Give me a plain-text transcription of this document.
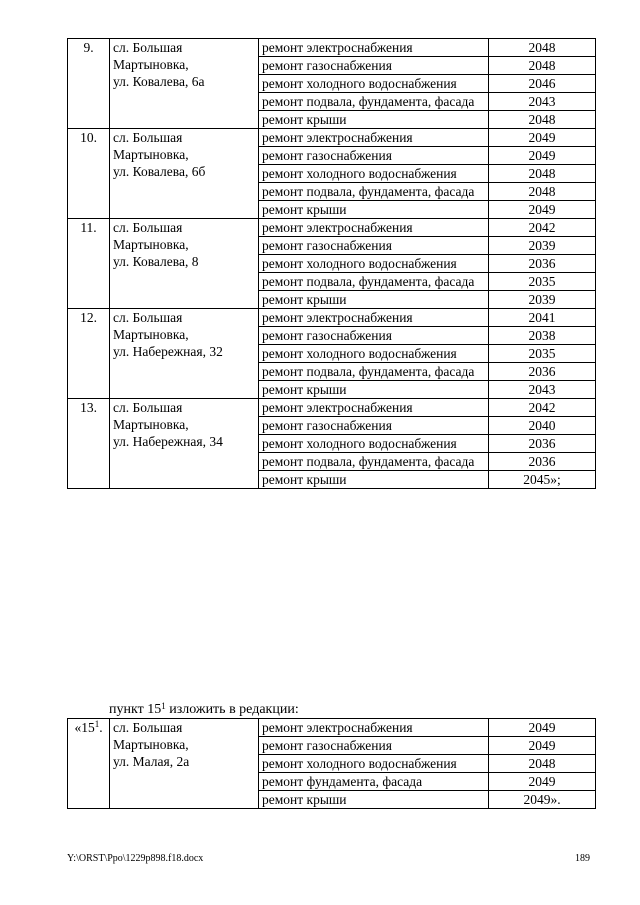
9.	сл. Большая
Мартыновка,
ул. Ковалева, 6а	ремонт электроснабжения	2048
		ремонт газоснабжения	2048
		ремонт холодного водоснабжения	2046
		ремонт подвала, фундамента, фасада	2043
		ремонт крыши	2048
10.	сл. Большая
Мартыновка,
ул. Ковалева, 6б	ремонт электроснабжения	2049
		ремонт газоснабжения	2049
		ремонт холодного водоснабжения	2048
		ремонт подвала, фундамента, фасада	2048
		ремонт крыши	2049
11.	сл. Большая
Мартыновка,
ул. Ковалева, 8	ремонт электроснабжения	2042
		ремонт газоснабжения	2039
		ремонт холодного водоснабжения	2036
		ремонт подвала, фундамента, фасада	2035
		ремонт крыши	2039
12.	сл. Большая
Мартыновка,
ул. Набережная, 32	ремонт электроснабжения	2041
		ремонт газоснабжения	2038
		ремонт холодного водоснабжения	2035
		ремонт подвала, фундамента, фасада	2036
		ремонт крыши	2043
13.	сл. Большая
Мартыновка,
ул. Набережная, 34	ремонт электроснабжения	2042
		ремонт газоснабжения	2040
		ремонт холодного водоснабжения	2036
		ремонт подвала, фундамента, фасада	2036
		ремонт крыши	2045»;
пункт $15^1$ изложить в редакции:
«$15^1$.	сл. Большая
Мартыновка,
ул. Малая, 2а	ремонт электроснабжения	2049
		ремонт газоснабжения	2049
		ремонт холодного водоснабжения	2048
		ремонт фундамента, фасада	2049
		ремонт крыши	2049».
Y:\ORST\Ppo\1229p898.f18.docx	189
